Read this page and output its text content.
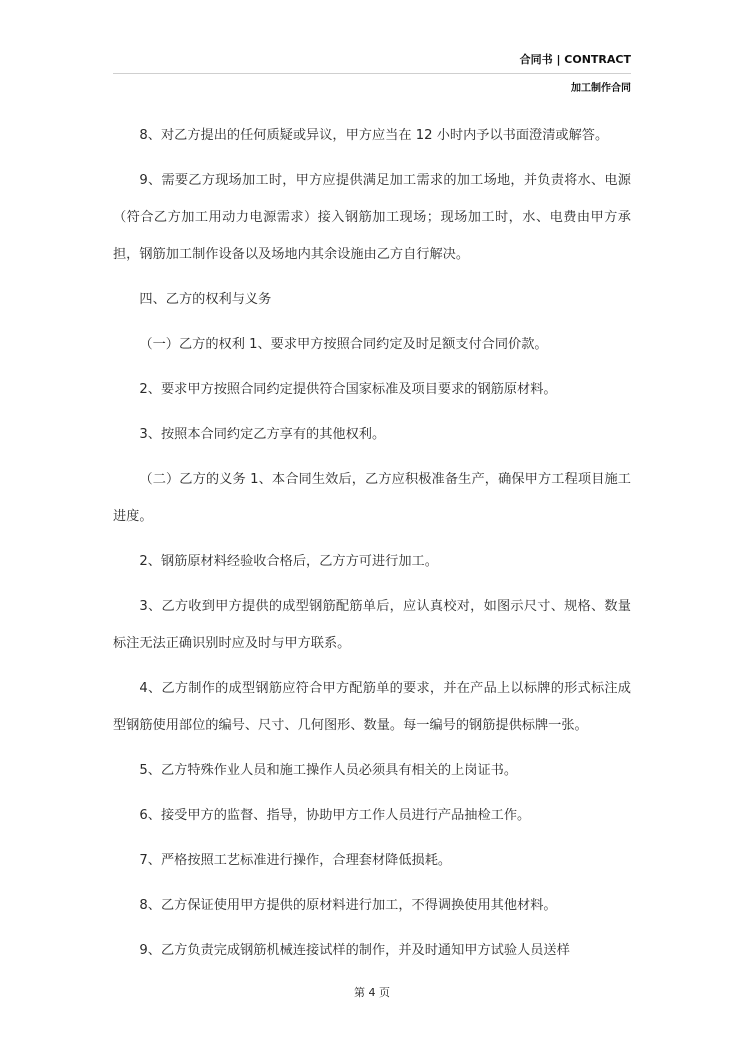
合同书 | CONTRACT
加工制作合同

8、对乙方提出的任何质疑或异议，甲方应当在 12 小时内予以书面澄清或解答。

9、需要乙方现场加工时，甲方应提供满足加工需求的加工场地，并负责将水、电源（符合乙方加工用动力电源需求）接入钢筋加工现场；现场加工时，水、电费由甲方承担，钢筋加工制作设备以及场地内其余设施由乙方自行解决。

四、乙方的权利与义务

（一）乙方的权利 1、要求甲方按照合同约定及时足额支付合同价款。

2、要求甲方按照合同约定提供符合国家标准及项目要求的钢筋原材料。

3、按照本合同约定乙方享有的其他权利。

（二）乙方的义务 1、本合同生效后，乙方应积极准备生产，确保甲方工程项目施工进度。

2、钢筋原材料经验收合格后，乙方方可进行加工。

3、乙方收到甲方提供的成型钢筋配筋单后，应认真校对，如图示尺寸、规格、数量标注无法正确识别时应及时与甲方联系。

4、乙方制作的成型钢筋应符合甲方配筋单的要求，并在产品上以标牌的形式标注成型钢筋使用部位的编号、尺寸、几何图形、数量。每一编号的钢筋提供标牌一张。

5、乙方特殊作业人员和施工操作人员必须具有相关的上岗证书。

6、接受甲方的监督、指导，协助甲方工作人员进行产品抽检工作。

7、严格按照工艺标准进行操作，合理套材降低损耗。

8、乙方保证使用甲方提供的原材料进行加工，不得调换使用其他材料。

9、乙方负责完成钢筋机械连接试样的制作，并及时通知甲方试验人员送样

第 4 页
